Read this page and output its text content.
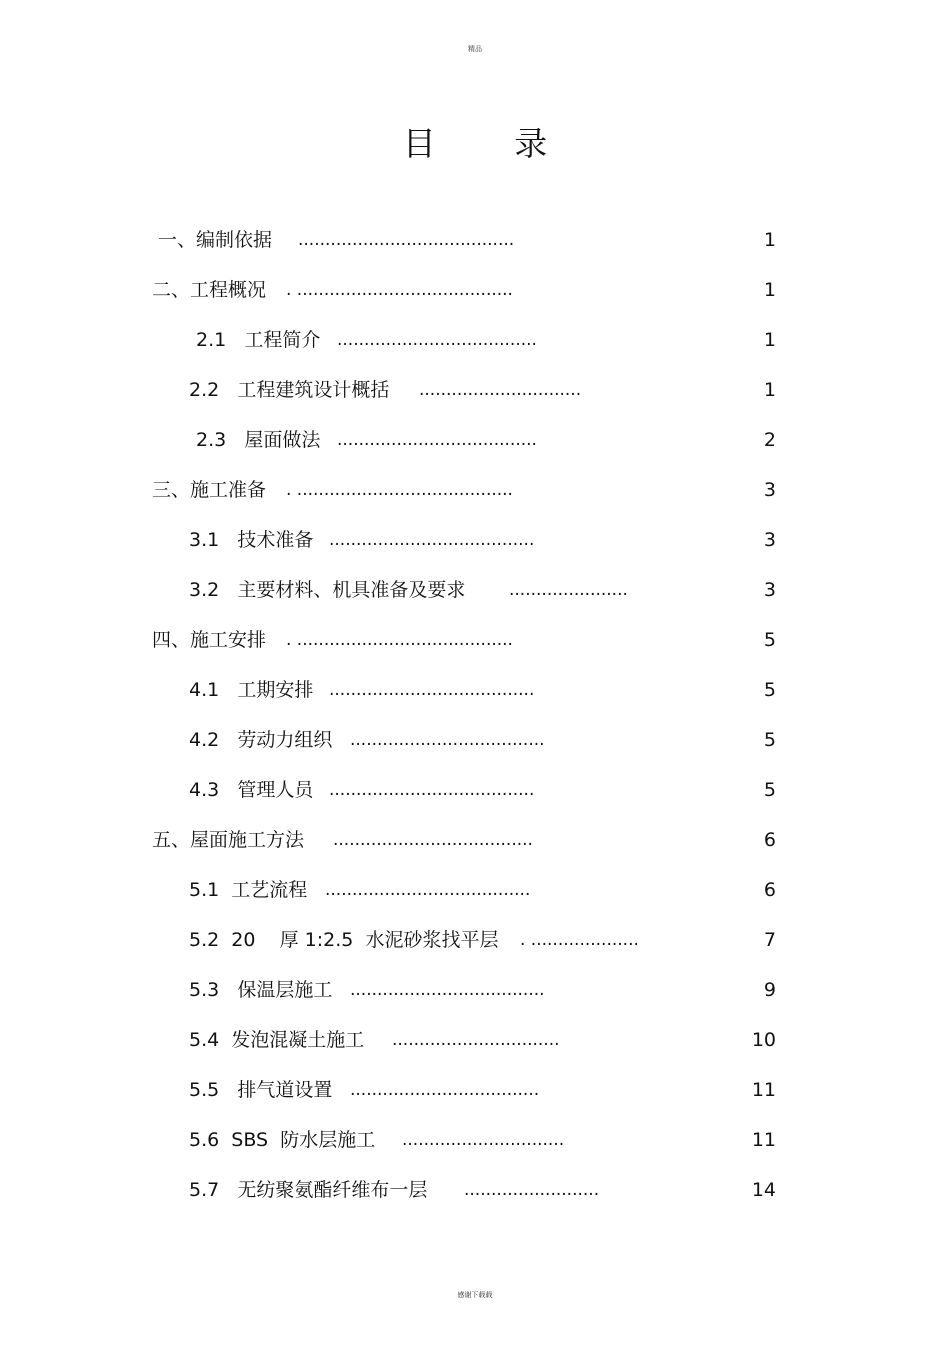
精品
目 录
一、编制依据 ........................................	1
二、工程概况 . ........................................	1
2.1   工程简介 .....................................	1
2.2   工程建筑设计概括 ..............................	1
2.3   屋面做法 .....................................	2
三、施工准备 . ........................................	3
3.1   技术准备 ......................................	3
3.2   主要材料、机具准备及要求	......................	3
四、施工安排 . ........................................	5
4.1   工期安排 ......................................	5
4.2   劳动力组织 ....................................	5
4.3   管理人员 ......................................	5
五、屋面施工方法 .....................................	6
5.1  工艺流程 ......................................	6
5.2  20    厚 1:2.5  水泥砂浆找平层 . ....................	7
5.3   保温层施工 ....................................	9
5.4  发泡混凝土施工 ...............................	10
5.5   排气道设置 ...................................	11
5.6  SBS  防水层施工 ..............................	11
5.7   无纺聚氨酯纤维布一层 .........................	14
感谢下载载
